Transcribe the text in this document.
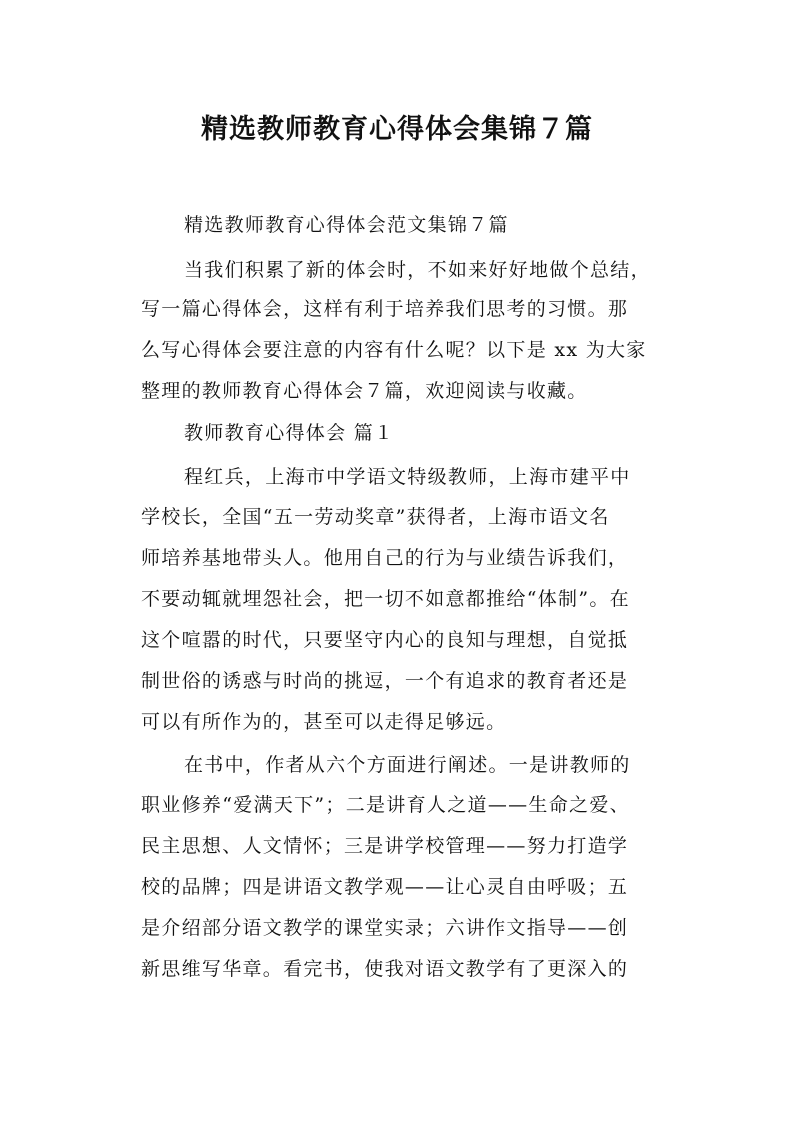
精选教师教育心得体会集锦７篇

精选教师教育心得体会范文集锦７篇

当我们积累了新的体会时，不如来好好地做个总结，

写一篇心得体会，这样有利于培养我们思考的习惯。那

么写心得体会要注意的内容有什么呢？以下是 xx 为大家

整理的教师教育心得体会７篇，欢迎阅读与收藏。

教师教育心得体会 篇１

程红兵，上海市中学语文特级教师，上海市建平中

学校长，全国“五一劳动奖章”获得者，上海市语文名

师培养基地带头人。他用自己的行为与业绩告诉我们，

不要动辄就埋怨社会，把一切不如意都推给“体制”。在

这个喧嚣的时代，只要坚守内心的良知与理想，自觉抵

制世俗的诱惑与时尚的挑逗，一个有追求的教育者还是

可以有所作为的，甚至可以走得足够远。

在书中，作者从六个方面进行阐述。一是讲教师的

职业修养“爱满天下”；二是讲育人之道——生命之爱、

民主思想、人文情怀；三是讲学校管理——努力打造学

校的品牌；四是讲语文教学观——让心灵自由呼吸；五

是介绍部分语文教学的课堂实录；六讲作文指导——创

新思维写华章。看完书，使我对语文教学有了更深入的
